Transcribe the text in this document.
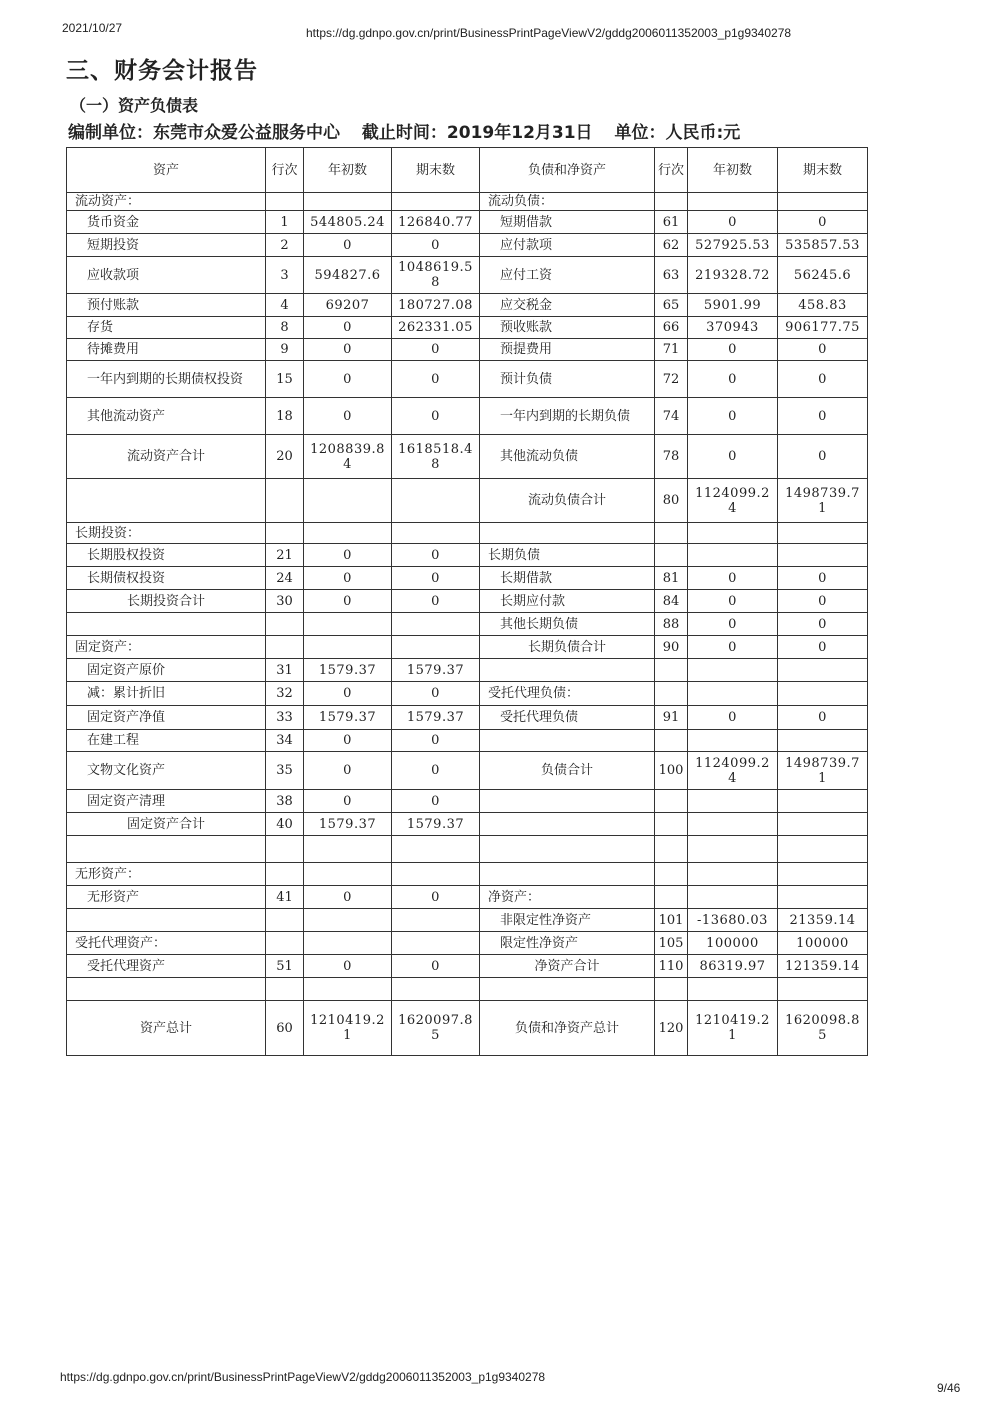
2021/10/27	https://dg.gdnpo.gov.cn/print/BusinessPrintPageViewV2/gddg2006011352003_p1g9340278
三、财务会计报告
（一）资产负债表
编制单位：东莞市众爱公益服务中心 截止时间：2019年12月31日 单位：人民币:元
资产	行次	年初数	期末数	负债和净资产	行次	年初数	期末数
流动资产：				流动负债：			
货币资金	1	544805.24	126840.77	短期借款	61	0	0
短期投资	2	0	0	应付款项	62	527925.53	535857.53
应收款项	3	594827.6	1048619.58	应付工资	63	219328.72	56245.6
预付账款	4	69207	180727.08	应交税金	65	5901.99	458.83
存货	8	0	262331.05	预收账款	66	370943	906177.75
待摊费用	9	0	0	预提费用	71	0	0
一年内到期的长期债权投资	15	0	0	预计负债	72	0	0
其他流动资产	18	0	0	一年内到期的长期负债	74	0	0
流动资产合计	20	1208839.84	1618518.48	其他流动负债	78	0	0
				流动负债合计	80	1124099.24	1498739.71
长期投资：							
长期股权投资	21	0	0	长期负债			
长期债权投资	24	0	0	长期借款	81	0	0
长期投资合计	30	0	0	长期应付款	84	0	0
				其他长期负债	88	0	0
固定资产：				长期负债合计	90	0	0
固定资产原价	31	1579.37	1579.37				
减：累计折旧	32	0	0	受托代理负债：			
固定资产净值	33	1579.37	1579.37	受托代理负债	91	0	0
在建工程	34	0	0				
文物文化资产	35	0	0	负债合计	100	1124099.24	1498739.71
固定资产清理	38	0	0				
固定资产合计	40	1579.37	1579.37				

无形资产：							
无形资产	41	0	0	净资产：			
				非限定性净资产	101	-13680.03	21359.14
受托代理资产：				限定性净资产	105	100000	100000
受托代理资产	51	0	0	净资产合计	110	86319.97	121359.14

资产总计	60	1210419.21	1620097.85	负债和净资产总计	120	1210419.21	1620098.85
https://dg.gdnpo.gov.cn/print/BusinessPrintPageViewV2/gddg2006011352003_p1g9340278
9/46
